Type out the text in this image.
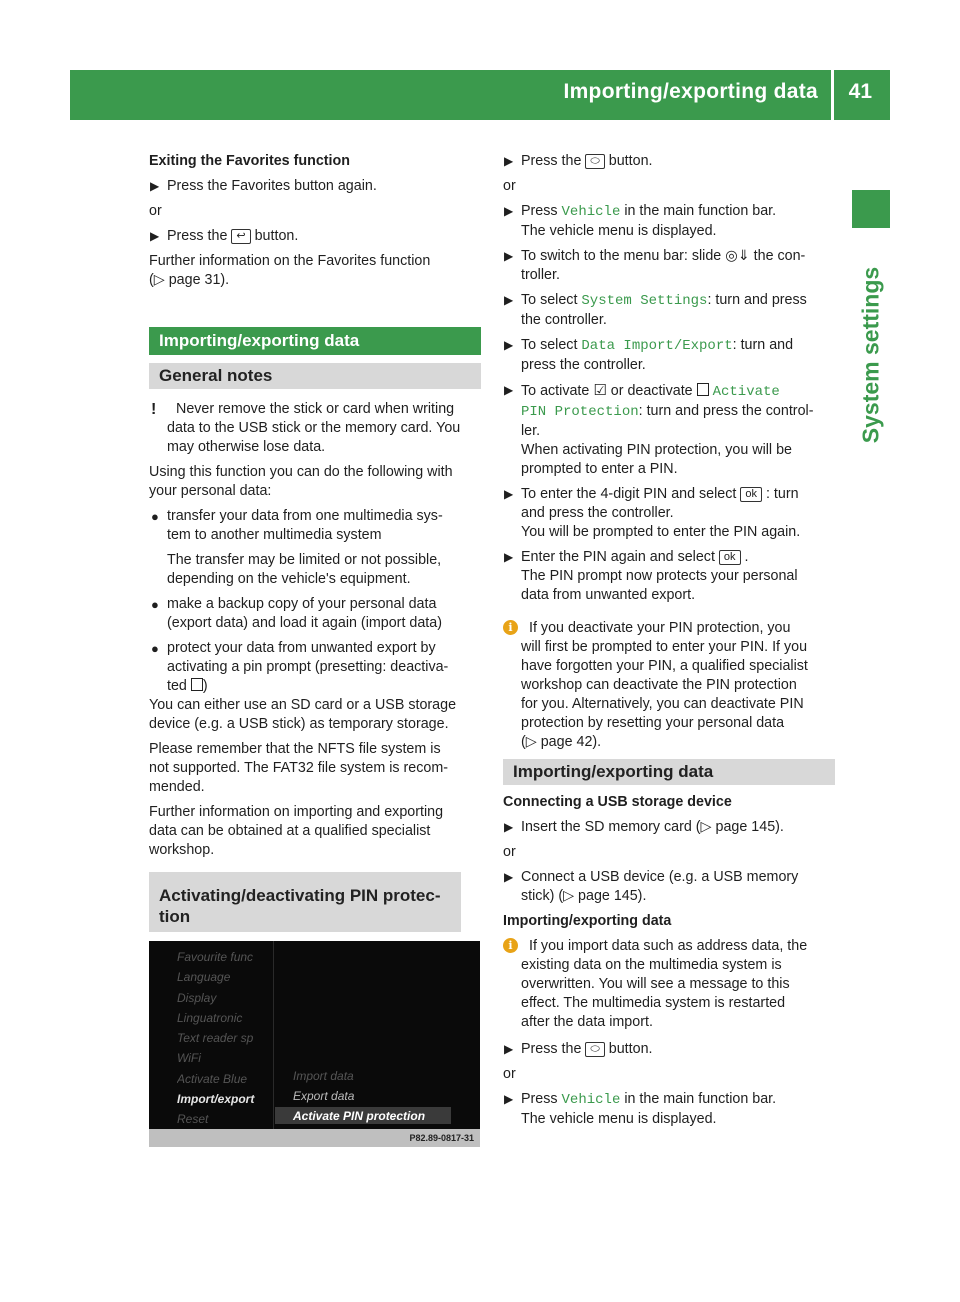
Importing/exporting data 41
System settings

Exiting the Favorites function

▶ Press the Favorites button again.

or

▶ Press the ↩ button.

Further information on the Favorites function

(▷ page 31).

Importing/exporting data
General notes
! Never remove the stick or card when writing

data to the USB stick or the memory card. You

may otherwise lose data.

Using this function you can do the following with

your personal data:

● transfer your data from one multimedia sys-

tem to another multimedia system

The transfer may be limited or not possible,

depending on the vehicle's equipment.

● make a backup copy of your personal data

(export data) and load it again (import data)

● protect your data from unwanted export by

activating a pin prompt (presetting: deactiva-

ted )

You can either use an SD card or a USB storage

device (e.g. a USB stick) as temporary storage.

Please remember that the NFTS file system is

not supported. The FAT32 file system is recom-

mended.

Further information on importing and exporting

data can be obtained at a qualified specialist

workshop.

Activating/deactivating PIN protec-
tion
Favourite func
Language
Display
Linguatronic
Text reader sp
WiFi
Activate Blue
Import/export
Reset
Import data
Export data
Activate PIN protection
P82.89-0817-31

▶ Press the ⬭ button.

or

▶ Press Vehicle in the main function bar.

The vehicle menu is displayed.

▶ To switch to the menu bar: slide ◎⇓ the con-

troller.

▶ To select System Settings: turn and press

the controller.

▶ To select Data Import/Export: turn and

press the controller.

▶ To activate ☑ or deactivate Activate

PIN Protection: turn and press the control-

ler.

When activating PIN protection, you will be

prompted to enter a PIN.

▶ To enter the 4-digit PIN and select ok : turn

and press the controller.

You will be prompted to enter the PIN again.

▶ Enter the PIN again and select ok .

The PIN prompt now protects your personal

data from unwanted export.

i	If you deactivate your PIN protection, you

will first be prompted to enter your PIN. If you

have forgotten your PIN, a qualified specialist

workshop can deactivate the PIN protection

for you. Alternatively, you can deactivate PIN

protection by resetting your personal data

(▷ page 42).

Importing/exporting data

Connecting a USB storage device

▶ Insert the SD memory card (▷ page 145).

or

▶ Connect a USB device (e.g. a USB memory

stick) (▷ page 145).

Importing/exporting data

i	If you import data such as address data, the

existing data on the multimedia system is

overwritten. You will see a message to this

effect. The multimedia system is restarted

after the data import.

▶ Press the ⬭ button.

or

▶ Press Vehicle in the main function bar.

The vehicle menu is displayed.
